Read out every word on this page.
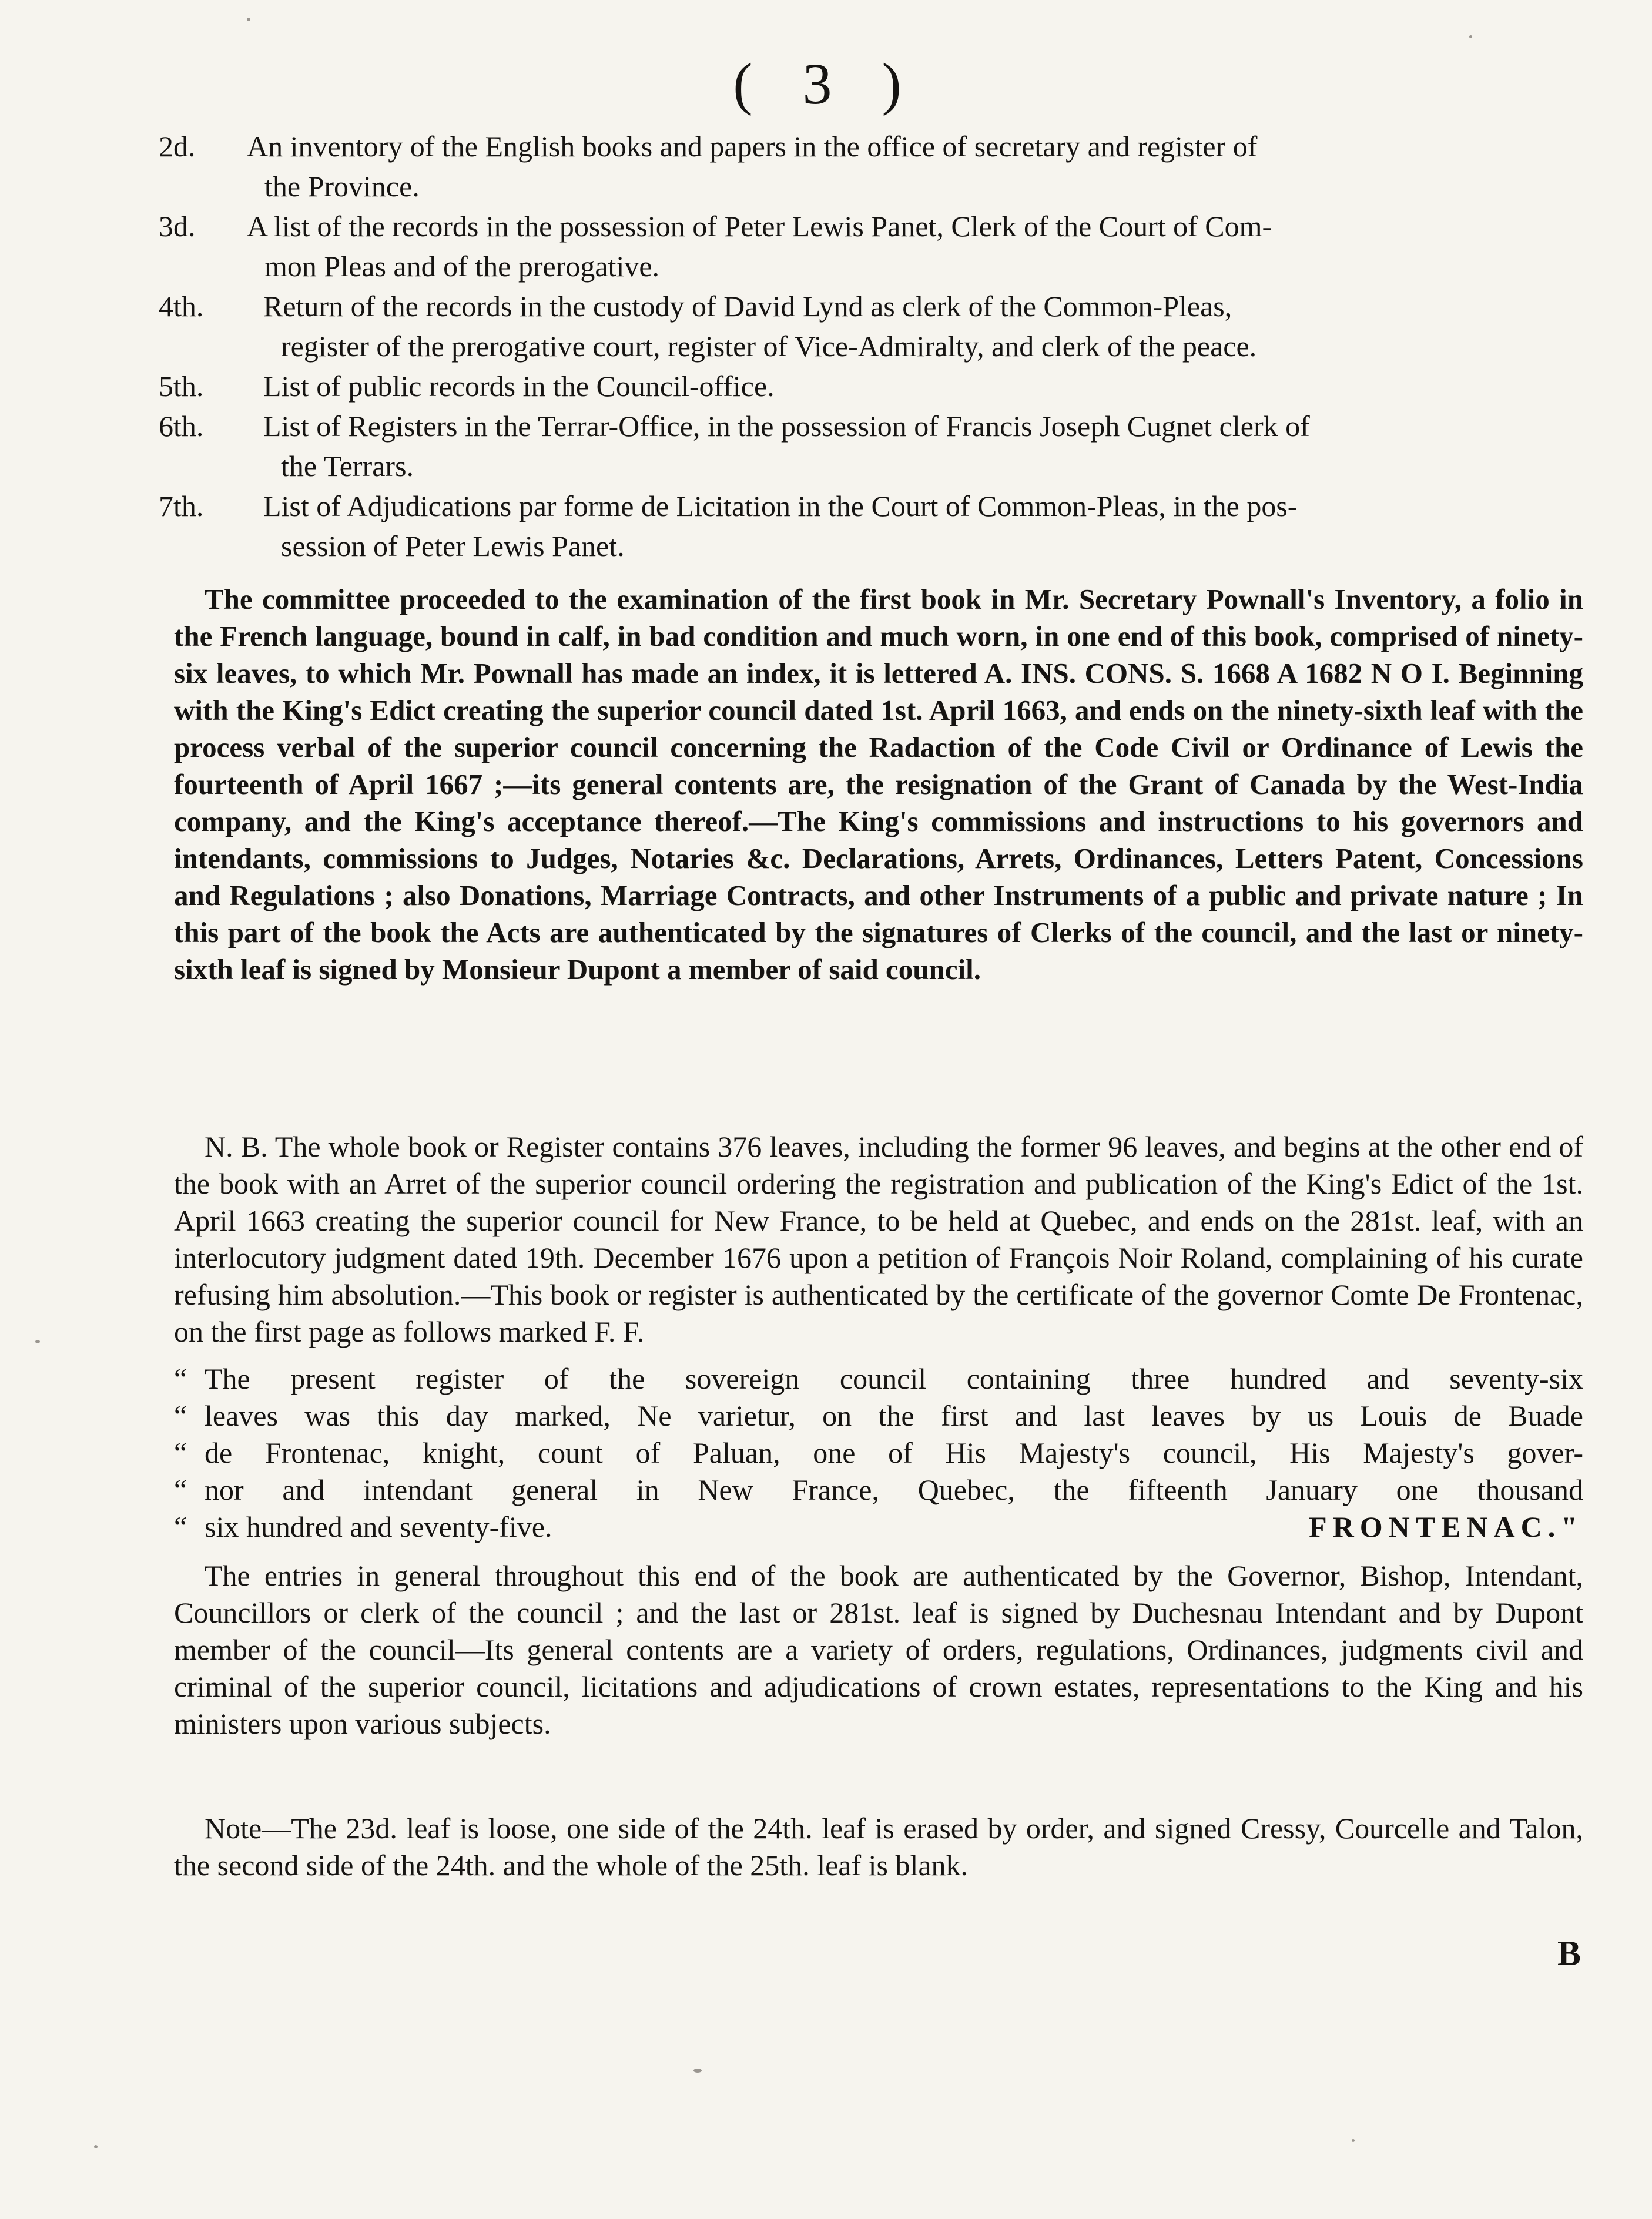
( 3 )
2d.	An inventory of the English books and papers in the office of secretary and register of
the Province.
3d.	A list of the records in the possession of Peter Lewis Panet, Clerk of the Court of Com-
mon Pleas and of the prerogative.
4th.	Return of the records in the custody of David Lynd as clerk of the Common-Pleas,
register of the prerogative court, register of Vice-Admiralty, and clerk of the peace.
5th.	List of public records in the Council-office.
6th.	List of Registers in the Terrar-Office, in the possession of Francis Joseph Cugnet clerk of
the Terrars.
7th.	List of Adjudications par forme de Licitation in the Court of Common-Pleas, in the pos-
session of Peter Lewis Panet.

The committee proceeded to the examination of the first book in Mr. Secretary Pownall's Inventory, a folio in the French language, bound in calf, in bad condition and much worn, in one end of this book, comprised of ninety-six leaves, to which Mr. Pownall has made an index, it is lettered A. INS. CONS. S. 1668 A 1682 N O I. Beginning with the King's Edict creating the superior council dated 1st. April 1663, and ends on the ninety-sixth leaf with the process verbal of the superior council concerning the Radaction of the Code Civil or Ordinance of Lewis the fourteenth of April 1667 ;—its general contents are, the resignation of the Grant of Canada by the West-India company, and the King's acceptance thereof.—The King's commissions and instructions to his governors and intendants, commissions to Judges, Notaries &c. Declarations, Arrets, Ordinances, Letters Patent, Concessions and Regulations ; also Donations, Marriage Contracts, and other Instruments of a public and private nature ; In this part of the book the Acts are authenticated by the signatures of Clerks of the council, and the last or ninety-sixth leaf is signed by Monsieur Dupont a member of said council.

N. B. The whole book or Register contains 376 leaves, including the former 96 leaves, and begins at the other end of the book with an Arret of the superior council ordering the registration and publication of the King's Edict of the 1st. April 1663 creating the superior council for New France, to be held at Quebec, and ends on the 281st. leaf, with an interlocutory judgment dated 19th. December 1676 upon a petition of François Noir Roland, complaining of his curate refusing him absolution.—This book or register is authenticated by the certificate of the governor Comte De Frontenac, on the first page as follows marked F. F.

“ The present register of the sovereign council containing three hundred and seventy-six
“ leaves was this day marked, Ne varietur, on the first and last leaves by us Louis de Buade
“ de Frontenac, knight, count of Paluan, one of His Majesty's council, His Majesty's gover-
“ nor and intendant general in New France, Quebec, the fifteenth January one thousand
“ six hundred and seventy-five.	FRONTENAC."

The entries in general throughout this end of the book are authenticated by the Governor, Bishop, Intendant, Councillors or clerk of the council ; and the last or 281st. leaf is signed by Duchesnau Intendant and by Dupont member of the council—Its general contents are a variety of orders, regulations, Ordinances, judgments civil and criminal of the superior council, licitations and adjudications of crown estates, representations to the King and his ministers upon various subjects.

Note—The 23d. leaf is loose, one side of the 24th. leaf is erased by order, and signed Cressy, Courcelle and Talon, the second side of the 24th. and the whole of the 25th. leaf is blank.

B
